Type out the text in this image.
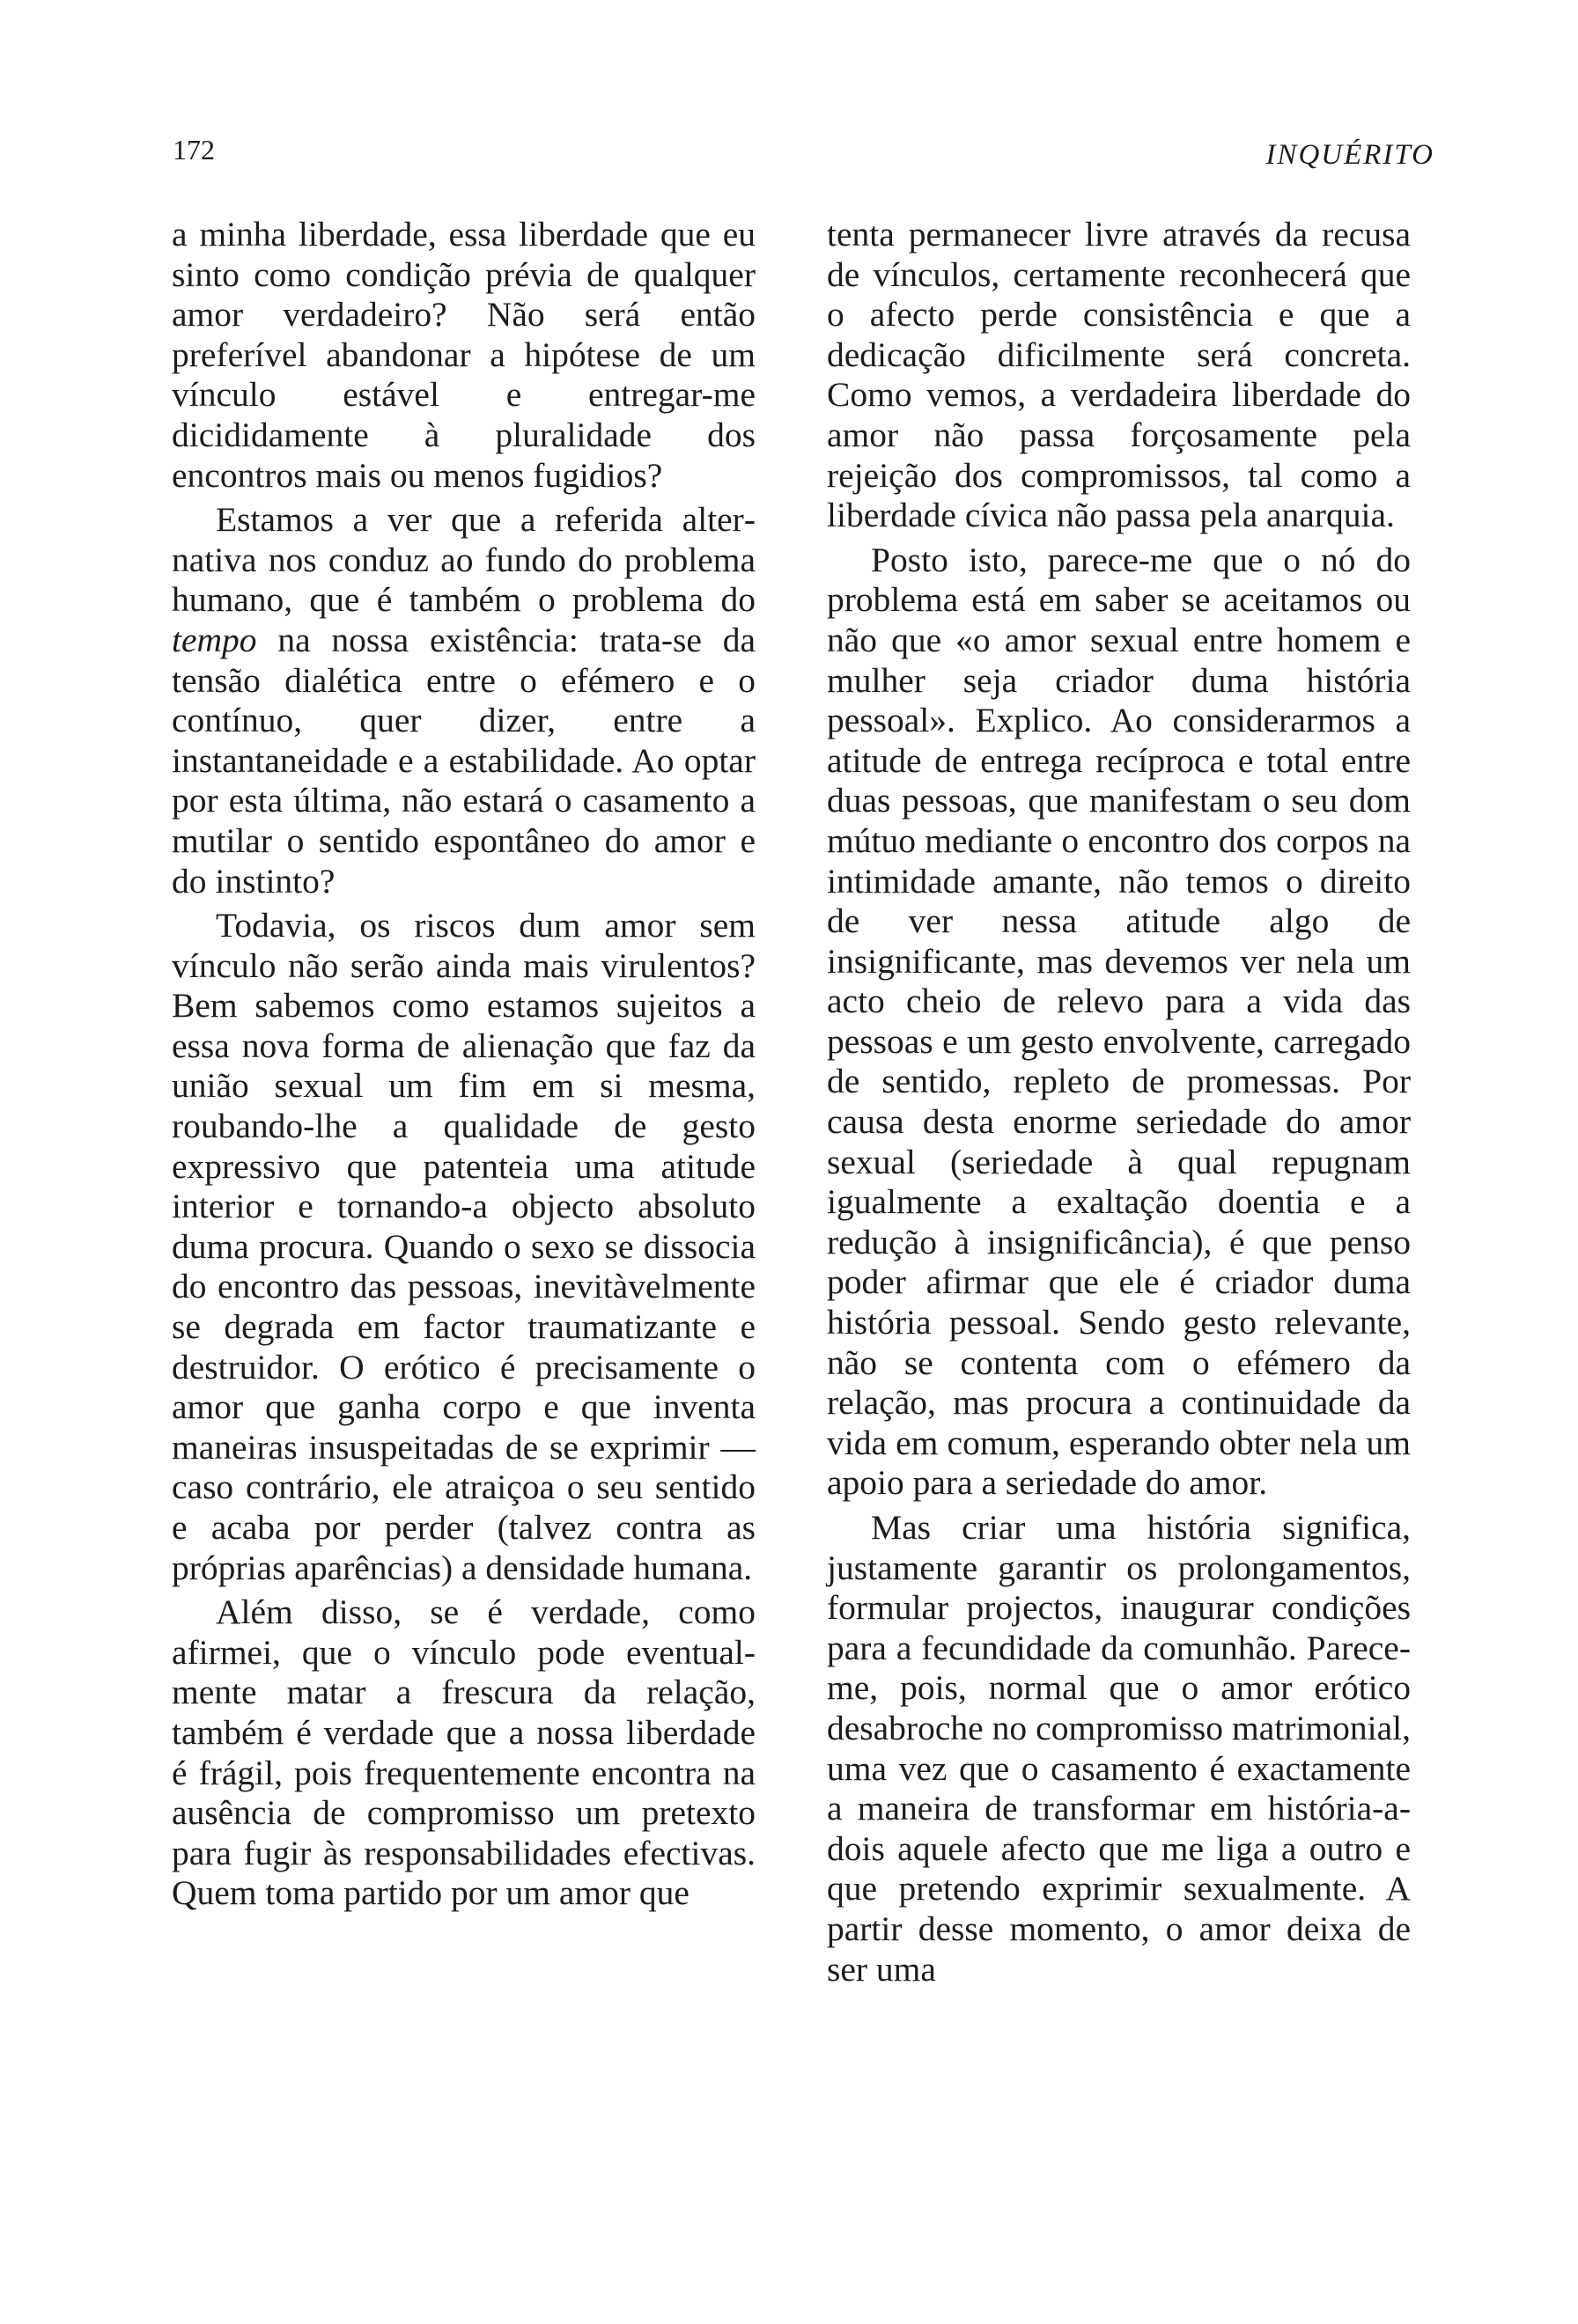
172	INQUÉRITO

a minha liberdade, essa liberdade que eu sinto como condição prévia de qualquer amor verdadeiro? Não será então preferível abandonar a hipótese de um vínculo estável e entregar-me dicididamente à pluralidade dos encontros mais ou menos fugidios?

Estamos a ver que a referida alternativa nos conduz ao fundo do problema humano, que é também o problema do tempo na nossa existência: trata-se da tensão dialética entre o efémero e o contínuo, quer dizer, entre a instantaneidade e a estabilidade. Ao optar por esta última, não estará o casamento a mutilar o sentido espontâneo do amor e do instinto?

Todavia, os riscos dum amor sem vínculo não serão ainda mais virulentos? Bem sabemos como estamos sujeitos a essa nova forma de alienação que faz da união sexual um fim em si mesma, roubando-lhe a qualidade de gesto expressivo que patenteia uma atitude interior e tornando-a objecto absoluto duma procura. Quando o sexo se dissocia do encontro das pessoas, inevitàvelmente se degrada em factor traumatizante e destruidor. O erótico é precisamente o amor que ganha corpo e que inventa maneiras insuspeitadas de se exprimir — caso contrário, ele atraiçoa o seu sentido e acaba por perder (talvez contra as próprias aparências) a densidade humana.

Além disso, se é verdade, como afirmei, que o vínculo pode eventualmente matar a frescura da relação, também é verdade que a nossa liberdade é frágil, pois frequentemente encontra na ausência de compromisso um pretexto para fugir às responsabilidades efectivas. Quem toma partido por um amor que

tenta permanecer livre através da recusa de vínculos, certamente reconhecerá que o afecto perde consistência e que a dedicação dificilmente será concreta. Como vemos, a verdadeira liberdade do amor não passa forçosamente pela rejeição dos compromissos, tal como a liberdade cívica não passa pela anarquia.

Posto isto, parece-me que o nó do problema está em saber se aceitamos ou não que «o amor sexual entre homem e mulher seja criador duma história pessoal». Explico. Ao considerarmos a atitude de entrega recíproca e total entre duas pessoas, que manifestam o seu dom mútuo mediante o encontro dos corpos na intimidade amante, não temos o direito de ver nessa atitude algo de insignificante, mas devemos ver nela um acto cheio de relevo para a vida das pessoas e um gesto envolvente, carregado de sentido, repleto de promessas. Por causa desta enorme seriedade do amor sexual (seriedade à qual repugnam igualmente a exaltação doentia e a redução à insignificância), é que penso poder afirmar que ele é criador duma história pessoal. Sendo gesto relevante, não se contenta com o efémero da relação, mas procura a continuidade da vida em comum, esperando obter nela um apoio para a seriedade do amor.

Mas criar uma história significa, justamente garantir os prolongamentos, formular projectos, inaugurar condições para a fecundidade da comunhão. Parece-me, pois, normal que o amor erótico desabroche no compromisso matrimonial, uma vez que o casamento é exactamente a maneira de transformar em história-a-dois aquele afecto que me liga a outro e que pretendo exprimir sexualmente. A partir desse momento, o amor deixa de ser uma
